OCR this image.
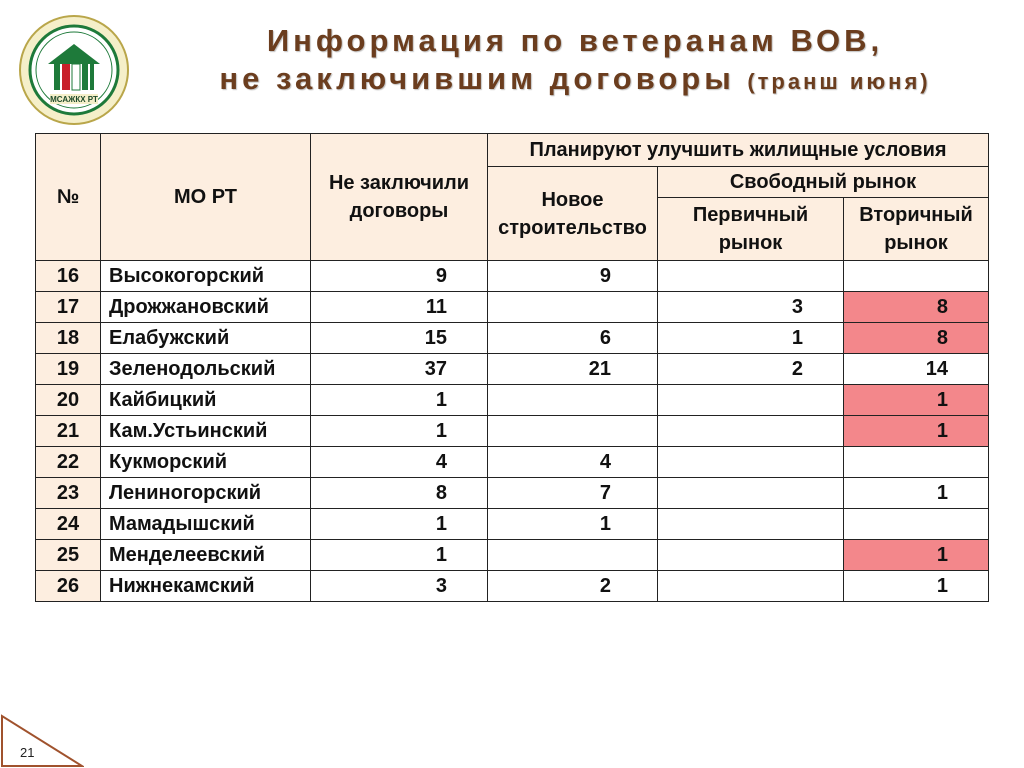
МСАЖКХ РТ
Информация по ветеранам ВОВ,
не заключившим договоры (транш июня)
№	МО РТ	Не заключили договоры	Планируют улучшить жилищные условия		
			Новое строительство	Свободный рынок	
				Первичный рынок	Вторичный рынок
16	Высокогорский	9	9		
17	Дрожжановский	11		3	8
18	Елабужский	15	6	1	8
19	Зеленодольский	37	21	2	14
20	Кайбицкий	1			1
21	Кам.Устьинский	1			1
22	Кукморский	4	4		
23	Лениногорский	8	7		1
24	Мамадышский	1	1		
25	Менделеевский	1			1
26	Нижнекамский	3	2		1
21
